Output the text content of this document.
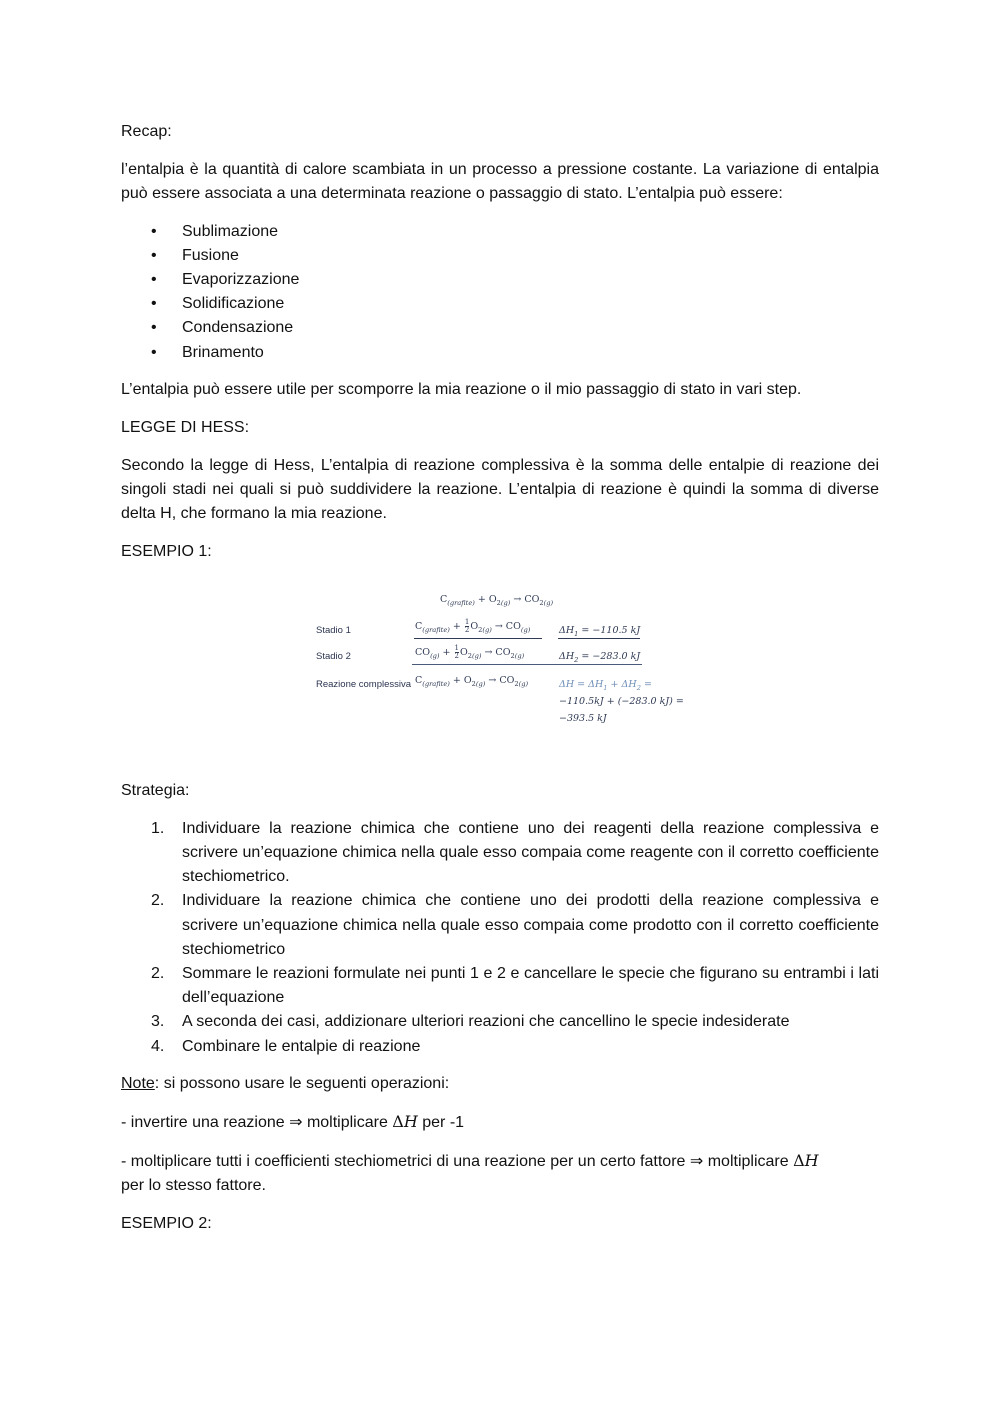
Recap:

l’entalpia è la quantità di calore scambiata in un processo a pressione costante. La variazione di entalpia può essere associata a una determinata reazione o passaggio di stato. L’entalpia può essere:

• Sublimazione
• Fusione
• Evaporizzazione
• Solidificazione
• Condensazione
• Brinamento

L’entalpia può essere utile per scomporre la mia reazione o il mio passaggio di stato in vari step.

LEGGE DI HESS:

Secondo la legge di Hess, L’entalpia di reazione complessiva è la somma delle entalpie di reazione dei singoli stadi nei quali si può suddividere la reazione. L’entalpia di reazione è quindi la somma di diverse delta H, che formano la mia reazione.

ESEMPIO 1:

$C_{(grafite)} + O_{2(g)} \to CO_{2(g)}$
Stadio 1	$C_{(grafite)} + \frac{1}{2} O_{2(g)} \to CO_{(g)}$	$\Delta H_1 = -110.5$ kJ
Stadio 2	$CO_{(g)} + \frac{1}{2} O_{2(g)} \to CO_{2(g)}$	$\Delta H_2 = -283.0$ kJ
Reazione complessiva $C_{(grafite)} + O_{2(g)} \to CO_{2(g)}$	$\Delta H = \Delta H_1 + \Delta H_2$ =
−110.5kJ + (−283.0 kJ) =
−393.5 kJ

Strategia:

1. Individuare la reazione chimica che contiene uno dei reagenti della reazione complessiva e scrivere un’equazione chimica nella quale esso compaia come reagente con il corretto coefficiente stechiometrico.
2. Individuare la reazione chimica che contiene uno dei prodotti della reazione complessiva e scrivere un’equazione chimica nella quale esso compaia come prodotto con il corretto coefficiente stechiometrico
2. Sommare le reazioni formulate nei punti 1 e 2 e cancellare le specie che figurano su entrambi i lati dell’equazione
3. A seconda dei casi, addizionare ulteriori reazioni che cancellino le specie indesiderate
4. Combinare le entalpie di reazione

Note: si possono usare le seguenti operazioni:

- invertire una reazione ⇒ moltiplicare ΔH per -1

- moltiplicare tutti i coefficienti stechiometrici di una reazione per un certo fattore ⇒ moltiplicare ΔH
per lo stesso fattore.

ESEMPIO 2:
